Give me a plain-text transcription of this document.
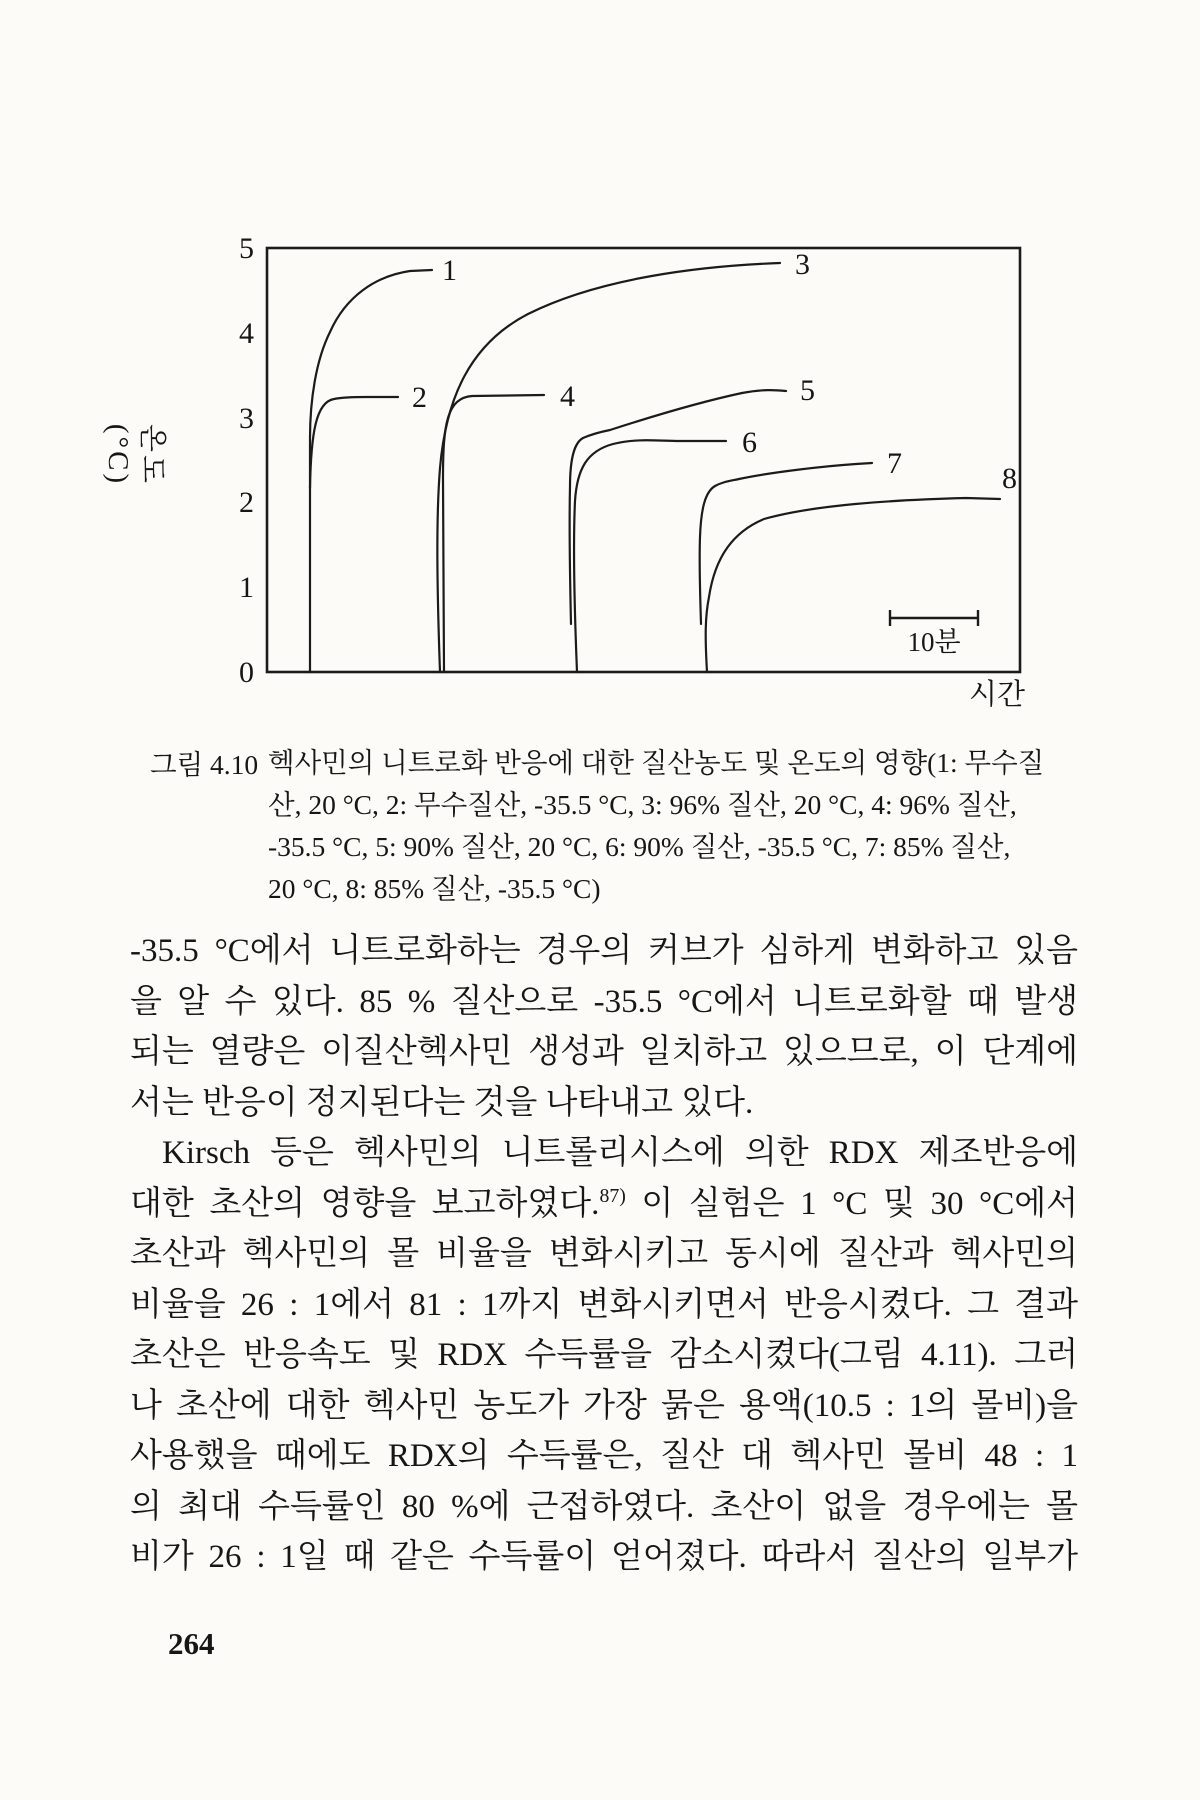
5
4
3
2
1
0
1
2
3
4	5
6
7	8
10분
시간
온도(°C)
그림 4.10 헥사민의 니트로화 반응에 대한 질산농도 및 온도의 영향(1: 무수질
산, 20 °C, 2: 무수질산, -35.5 °C, 3: 96% 질산, 20 °C, 4: 96% 질산,
-35.5 °C, 5: 90% 질산, 20 °C, 6: 90% 질산, -35.5 °C, 7: 85% 질산,
20 °C, 8: 85% 질산, -35.5 °C)
-35.5 °C에서 니트로화하는 경우의 커브가 심하게 변화하고 있음
을 알 수 있다. 85 % 질산으로 -35.5 °C에서 니트로화할 때 발생
되는 열량은 이질산헥사민 생성과 일치하고 있으므로, 이 단계에
서는 반응이 정지된다는 것을 나타내고 있다.
Kirsch 등은 헥사민의 니트롤리시스에 의한 RDX 제조반응에
대한 초산의 영향을 보고하였다.$^{87)}$ 이 실험은 1 °C 및 30 °C에서
초산과 헥사민의 몰 비율을 변화시키고 동시에 질산과 헥사민의
비율을 26 : 1에서 81 : 1까지 변화시키면서 반응시켰다. 그 결과
초산은 반응속도 및 RDX 수득률을 감소시켰다(그림 4.11). 그러
나 초산에 대한 헥사민 농도가 가장 묽은 용액(10.5 : 1의 몰비)을
사용했을 때에도 RDX의 수득률은, 질산 대 헥사민 몰비 48 : 1
의 최대 수득률인 80 %에 근접하였다. 초산이 없을 경우에는 몰
비가 26 : 1일 때 같은 수득률이 얻어졌다. 따라서 질산의 일부가
264
